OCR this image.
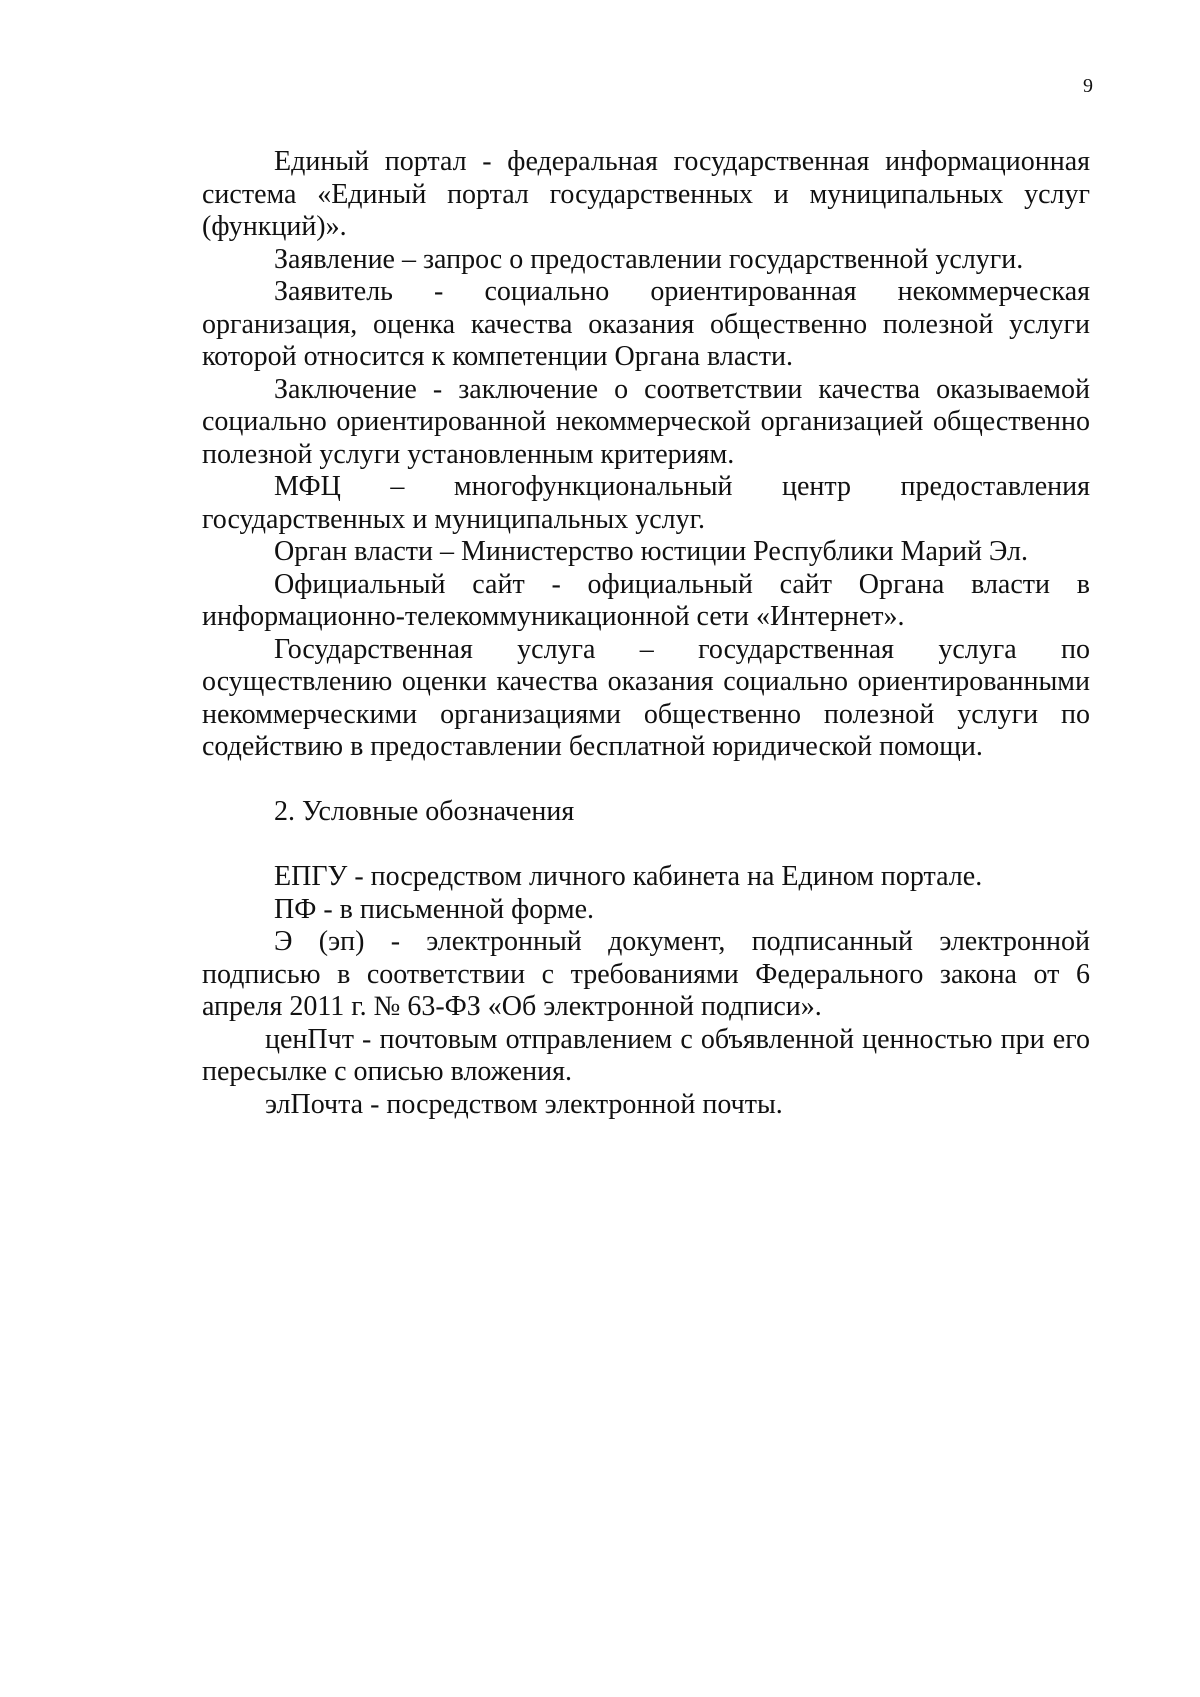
9

Единый портал - федеральная государственная информационная система «Единый портал государственных и муниципальных услуг (функций)».

Заявление – запрос о предоставлении государственной услуги.

Заявитель - социально ориентированная некоммерческая организация, оценка качества оказания общественно полезной услуги которой относится к компетенции Органа власти.

Заключение - заключение о соответствии качества оказываемой социально ориентированной некоммерческой организацией общественно полезной услуги установленным критериям.

МФЦ – многофункциональный центр предоставления государственных и муниципальных услуг.

Орган власти – Министерство юстиции Республики Марий Эл.

Официальный сайт - официальный сайт Органа власти в информационно-телекоммуникационной сети «Интернет».

Государственная услуга – государственная услуга по осуществлению оценки качества оказания социально ориентированными некоммерческими организациями общественно полезной услуги по содействию в предоставлении бесплатной юридической помощи.

2. Условные обозначения

ЕПГУ - посредством личного кабинета на Едином портале.

ПФ - в письменной форме.

Э (эп) - электронный документ, подписанный электронной подписью в соответствии с требованиями Федерального закона от 6 апреля 2011 г. № 63-ФЗ «Об электронной подписи».

ценПчт - почтовым отправлением с объявленной ценностью при его пересылке с описью вложения.

элПочта - посредством электронной почты.
